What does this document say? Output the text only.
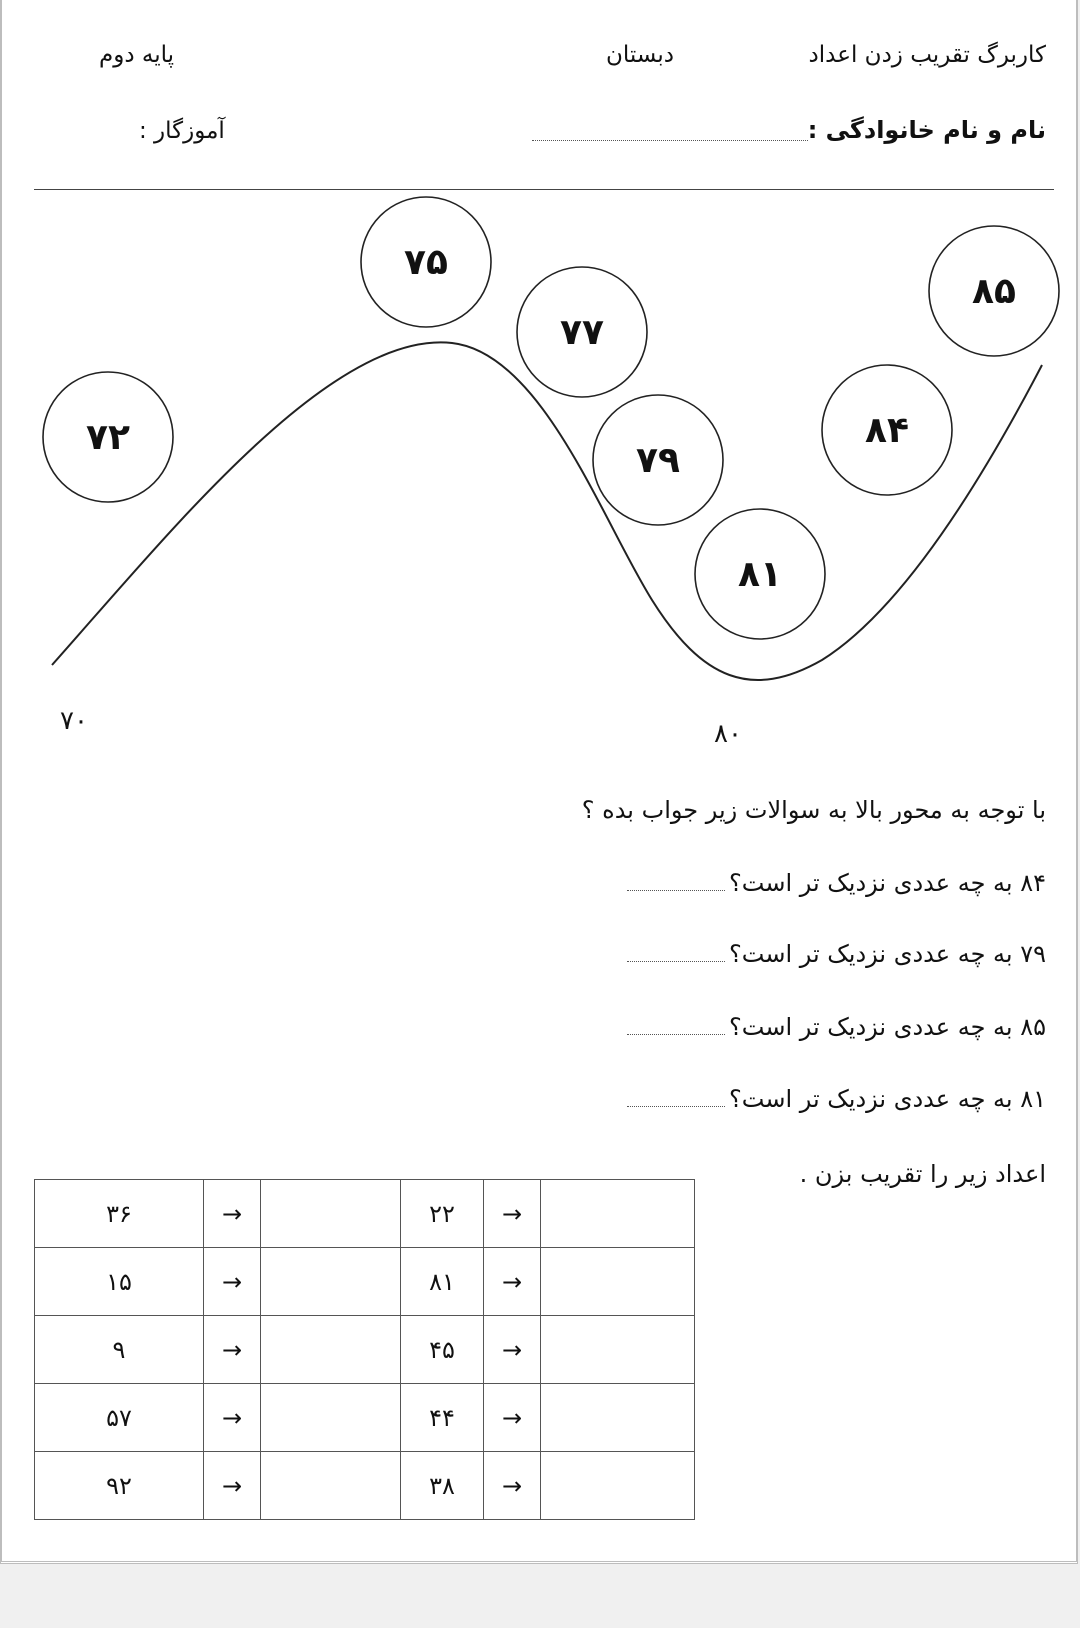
کاربرگ تقریب زدن اعداد
دبستان
پایه دوم
نام و نام خانوادگی :
آموزگار :
۷۲
۷۵
۷۷
۷۹
۸۱
۸۴
۸۵
۷۰	۸۰
با توجه به محور بالا به سوالات زیر جواب بده ؟
۸۴ به چه عددی نزدیک تر است؟
۷۹ به چه عددی نزدیک تر است؟
۸۵ به چه عددی نزدیک تر است؟
۸۱ به چه عددی نزدیک تر است؟
اعداد زیر را تقریب بزن .
۳۶	→		۲۲	→	
۱۵	→		۸۱	→	
۹	→		۴۵	→	
۵۷	→		۴۴	→	
۹۲	→		۳۸	→	
